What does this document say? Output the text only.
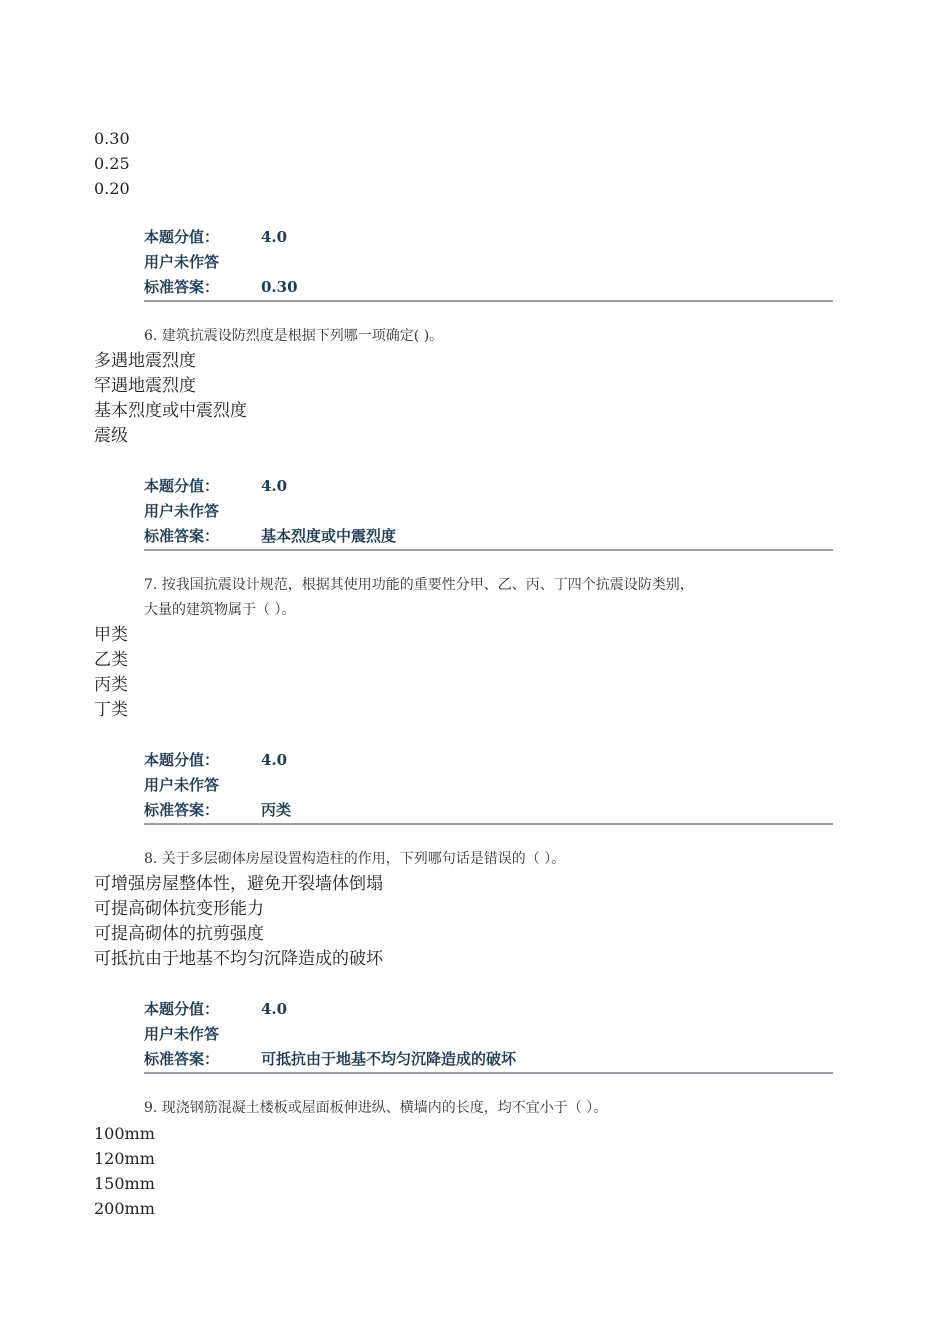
0.30
0.25
0.20
本题分值：	4.0
用户未作答
标准答案：	0.30
6. 建筑抗震设防烈度是根据下列哪一项确定( )。
多遇地震烈度
罕遇地震烈度
基本烈度或中震烈度
震级
本题分值：	4.0
用户未作答
标准答案：	基本烈度或中震烈度
7. 按我国抗震设计规范，根据其使用功能的重要性分甲、乙、丙、丁四个抗震设防类别，
大量的建筑物属于（ ）。
甲类
乙类
丙类
丁类
本题分值：	4.0
用户未作答
标准答案：	丙类
8. 关于多层砌体房屋设置构造柱的作用，下列哪句话是错误的（ ）。
可增强房屋整体性，避免开裂墙体倒塌
可提高砌体抗变形能力
可提高砌体的抗剪强度
可抵抗由于地基不均匀沉降造成的破坏
本题分值：	4.0
用户未作答
标准答案：	可抵抗由于地基不均匀沉降造成的破坏
9. 现浇钢筋混凝土楼板或屋面板伸进纵、横墙内的长度，均不宜小于（ ）。
100mm
120mm
150mm
200mm
